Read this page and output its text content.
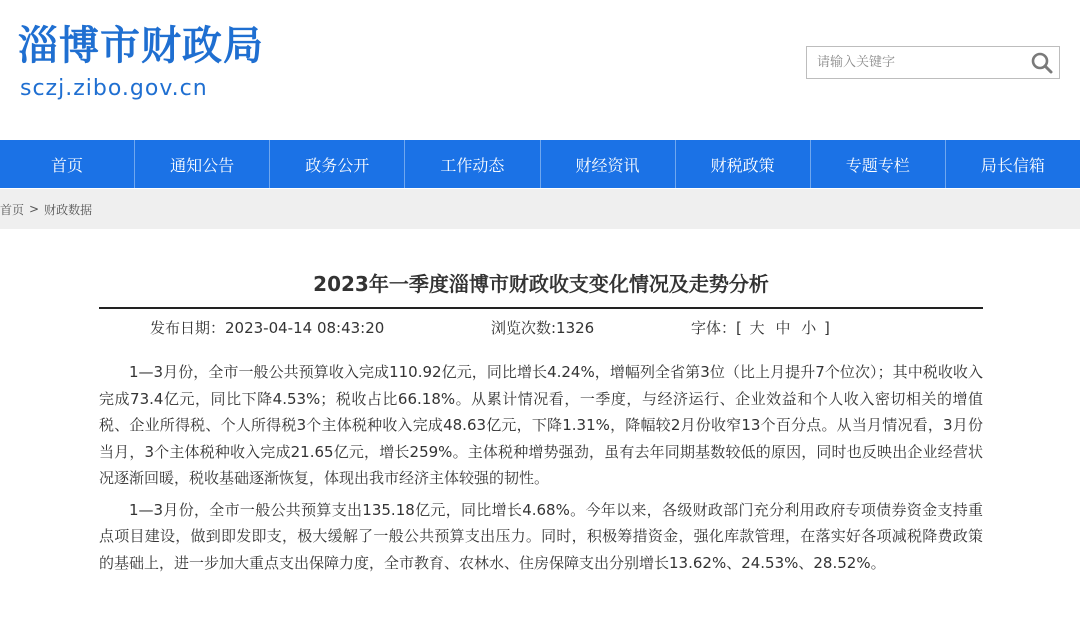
淄博市财政局
sczj.zibo.gov.cn
请输入关键字
首页	通知公告	政务公开	工作动态	财经资讯	财税政策	专题专栏	局长信箱
首页 > 财政数据
2023年一季度淄博市财政收支变化情况及走势分析
发布日期：2023-04-14 08:43:20	浏览次数:1326	字体：[ 大 中 小 ]

1—3月份，全市一般公共预算收入完成110.92亿元，同比增长4.24%，增幅列全省第3位（比上月提升7个位次）；其中税收收入完成73.4亿元，同比下降4.53%；税收占比66.18%。从累计情况看，一季度，与经济运行、企业效益和个人收入密切相关的增值税、企业所得税、个人所得税3个主体税种收入完成48.63亿元，下降1.31%，降幅较2月份收窄13个百分点。从当月情况看，3月份当月，3个主体税种收入完成21.65亿元，增长259%。主体税种增势强劲，虽有去年同期基数较低的原因，同时也反映出企业经营状况逐渐回暖，税收基础逐渐恢复，体现出我市经济主体较强的韧性。

1—3月份，全市一般公共预算支出135.18亿元，同比增长4.68%。今年以来，各级财政部门充分利用政府专项债券资金支持重点项目建设，做到即发即支，极大缓解了一般公共预算支出压力。同时，积极筹措资金，强化库款管理，在落实好各项减税降费政策的基础上，进一步加大重点支出保障力度，全市教育、农林水、住房保障支出分别增长13.62%、24.53%、28.52%。
